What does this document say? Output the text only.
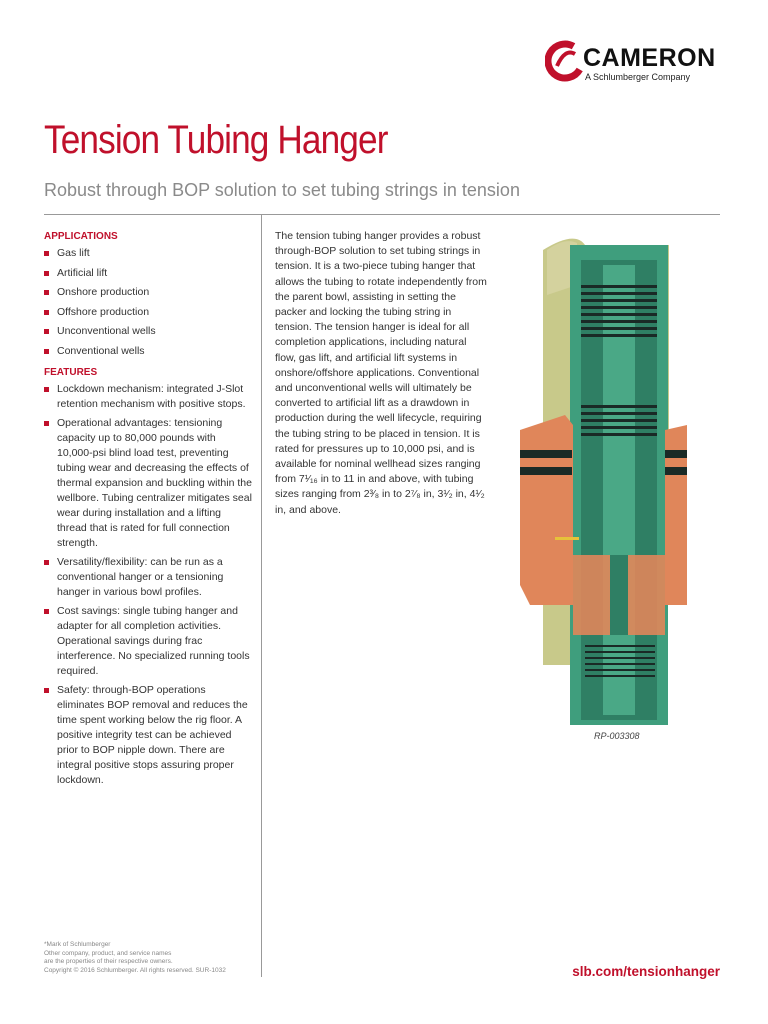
CAMERON
A Schlumberger Company
Tension Tubing Hanger
Robust through BOP solution to set tubing strings in tension
APPLICATIONS
Gas lift
Artificial lift
Onshore production
Offshore production
Unconventional wells
Conventional wells
FEATURES
Lockdown mechanism: integrated J-Slot retention mechanism with positive stops.
Operational advantages: tensioning capacity up to 80,000 pounds with 10,000-psi blind load test, preventing tubing wear and decreasing the effects of thermal expansion and buckling within the wellbore. Tubing centralizer mitigates seal wear during installation and a lifting thread that is rated for full connection strength.
Versatility/flexibility: can be run as a conventional hanger or a tensioning hanger in various bowl profiles.
Cost savings: single tubing hanger and adapter for all completion activities. Operational savings during frac interference. No specialized running tools required.
Safety: through-BOP operations eliminates BOP removal and reduces the time spent working below the rig floor. A positive integrity test can be achieved prior to BOP nipple down. There are integral positive stops assuring proper lockdown.
The tension tubing hanger provides a robust through-BOP solution to set tubing strings in tension. It is a two-piece tubing hanger that allows the tubing to rotate independently from the parent bowl, assisting in setting the packer and locking the tubing string in tension. The tension hanger is ideal for all completion applications, including natural flow, gas lift, and artificial lift systems in onshore/offshore applications. Conventional and unconventional wells will ultimately be converted to artificial lift as a drawdown in production during the well lifecycle, requiring the tubing string to be placed in tension. It is rated for pressures up to 10,000 psi, and is available for nominal wellhead sizes ranging from 7¹⁄₁₆ in to 11 in and above, with tubing sizes ranging from 2³⁄₈ in to 2⁷⁄₈ in, 3¹⁄₂ in, 4¹⁄₂ in, and above.
RP-003308
*Mark of Schlumberger
Other company, product, and service names
are the properties of their respective owners.
Copyright © 2016 Schlumberger. All rights reserved. SUR-1032	slb.com/tensionhanger
